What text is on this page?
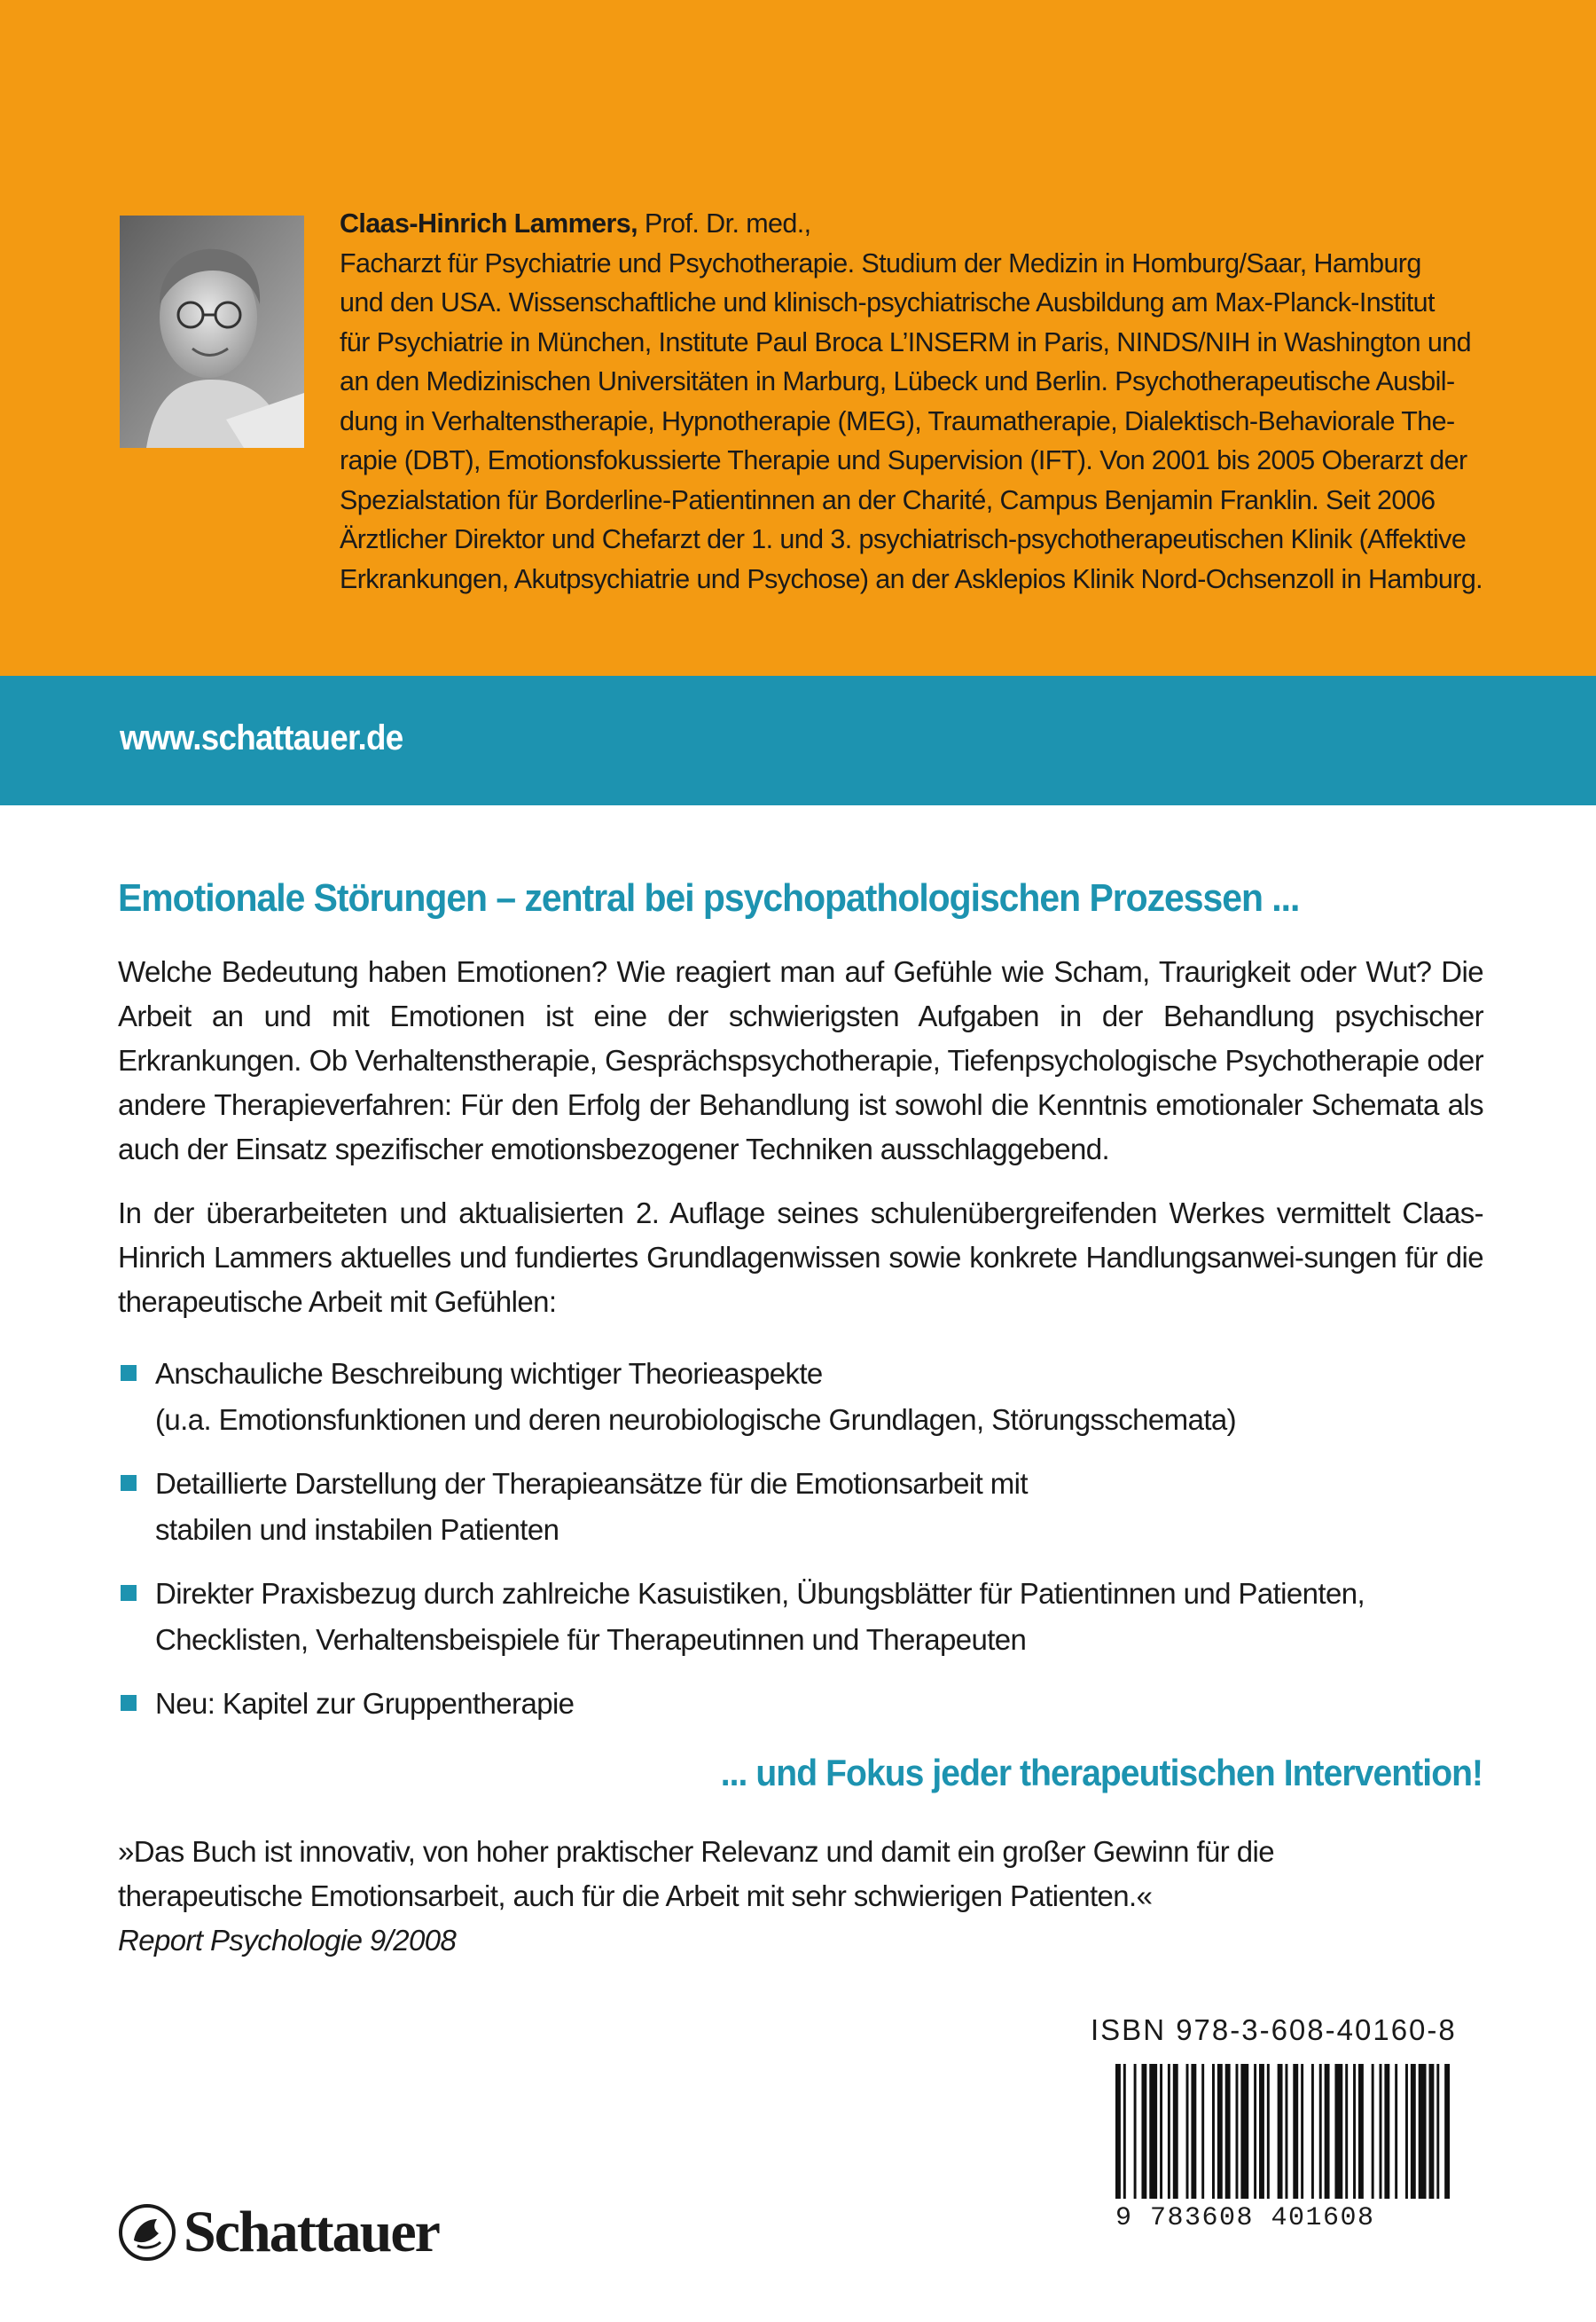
Claas-Hinrich Lammers, Prof. Dr. med.,

Facharzt für Psychiatrie und Psychotherapie. Studium der Medizin in Homburg/Saar, Hamburg

und den USA. Wissenschaftliche und klinisch-psychiatrische Ausbildung am Max-Planck-Institut

für Psychiatrie in München, Institute Paul Broca L’INSERM in Paris, NINDS/NIH in Washington und

an den Medizinischen Universitäten in Marburg, Lübeck und Berlin. Psychotherapeutische Ausbil-

dung in Verhaltenstherapie, Hypnotherapie (MEG), Traumatherapie, Dialektisch-Behaviorale The-

rapie (DBT), Emotionsfokussierte Therapie und Supervision (IFT). Von 2001 bis 2005 Oberarzt der

Spezialstation für Borderline-Patientinnen an der Charité, Campus Benjamin Franklin. Seit 2006

Ärztlicher Direktor und Chefarzt der 1. und 3. psychiatrisch-psychotherapeutischen Klinik (Affektive

Erkrankungen, Akutpsychiatrie und Psychose) an der Asklepios Klinik Nord-Ochsenzoll in Hamburg.

www.schattauer.de
Emotionale Störungen – zentral bei psychopathologischen Prozessen ...

Welche Bedeutung haben Emotionen? Wie reagiert man auf Gefühle wie Scham, Traurigkeit oder Wut? Die Arbeit an und mit Emotionen ist eine der schwierigsten Aufgaben in der Behandlung psychischer Erkrankungen. Ob Verhaltenstherapie, Gesprächspsychotherapie, Tiefenpsychologische Psychotherapie oder andere Therapieverfahren: Für den Erfolg der Behandlung ist sowohl die Kenntnis emotionaler Schemata als auch der Einsatz spezifischer emotionsbezogener Techniken ausschlaggebend.

In der überarbeiteten und aktualisierten 2. Auflage seines schulenübergreifenden Werkes vermittelt Claas-Hinrich Lammers aktuelles und fundiertes Grundlagenwissen sowie konkrete Handlungsanwei-sungen für die therapeutische Arbeit mit Gefühlen:

Anschauliche Beschreibung wichtiger Theorieaspekte
(u.a. Emotionsfunktionen und deren neurobiologische Grundlagen, Störungsschemata)
Detaillierte Darstellung der Therapieansätze für die Emotionsarbeit mit
stabilen und instabilen Patienten
Direkter Praxisbezug durch zahlreiche Kasuistiken, Übungsblätter für Patientinnen und Patienten,
Checklisten, Verhaltensbeispiele für Therapeutinnen und Therapeuten
Neu: Kapitel zur Gruppentherapie
... und Fokus jeder therapeutischen Intervention!
»Das Buch ist innovativ, von hoher praktischer Relevanz und damit ein großer Gewinn für die
therapeutische Emotionsarbeit, auch für die Arbeit mit sehr schwierigen Patienten.«
Report Psychologie 9/2008
ISBN 978-3-608-40160-8
9 783608 401608
Schattauer
